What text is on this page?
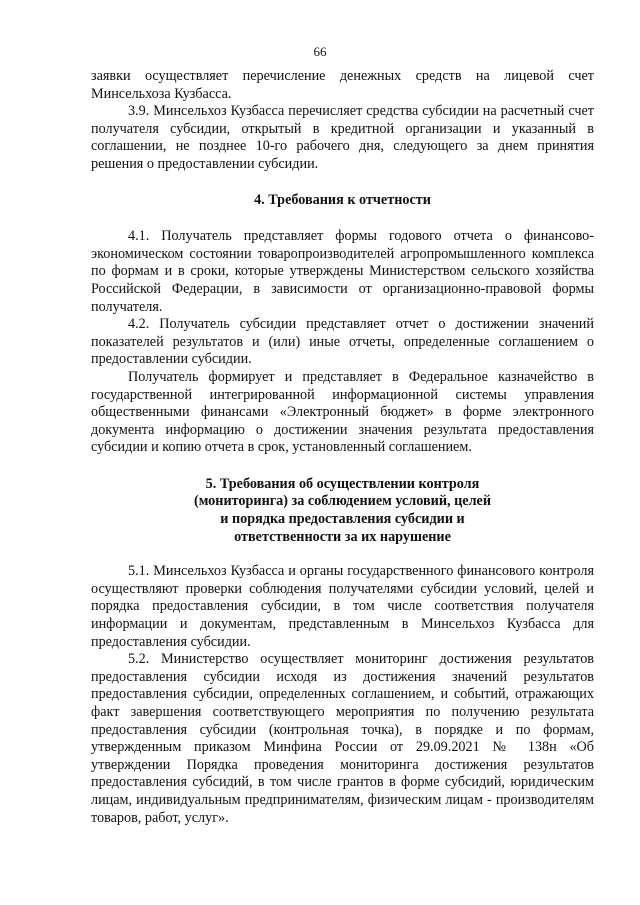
66

заявки осуществляет перечисление денежных средств на лицевой счет Минсельхоза Кузбасса.

3.9. Минсельхоз Кузбасса перечисляет средства субсидии на расчетный счет получателя субсидии, открытый в кредитной организации и указанный в соглашении, не позднее 10-го рабочего дня, следующего за днем принятия решения о предоставлении субсидии.

4. Требования к отчетности

4.1. Получатель представляет формы годового отчета о финансово-экономическом состоянии товаропроизводителей агропромышленного комплекса по формам и в сроки, которые утверждены Министерством сельского хозяйства Российской Федерации, в зависимости от организационно-правовой формы получателя.

4.2. Получатель субсидии представляет отчет о достижении значений показателей результатов и (или) иные отчеты, определенные соглашением о предоставлении субсидии.

Получатель формирует и представляет в Федеральное казначейство в государственной интегрированной информационной системы управления общественными финансами «Электронный бюджет» в форме электронного документа информацию о достижении значения результата предоставления субсидии и копию отчета в срок, установленный соглашением.

5. Требования об осуществлении контроля
(мониторинга) за соблюдением условий, целей
и порядка предоставления субсидии и
ответственности за их нарушение

5.1. Минсельхоз Кузбасса и органы государственного финансового контроля осуществляют проверки соблюдения получателями субсидии условий, целей и порядка предоставления субсидии, в том числе соответствия получателя информации и документам, представленным в Минсельхоз Кузбасса для предоставления субсидии.

5.2. Министерство осуществляет мониторинг достижения результатов предоставления субсидии исходя из достижения значений результатов предоставления субсидии, определенных соглашением, и событий, отражающих факт завершения соответствующего мероприятия по получению результата предоставления субсидии (контрольная точка), в порядке и по формам, утвержденным приказом Минфина России от 29.09.2021 № 138н «Об утверждении Порядка проведения мониторинга достижения результатов предоставления субсидий, в том числе грантов в форме субсидий, юридическим лицам, индивидуальным предпринимателям, физическим лицам - производителям товаров, работ, услуг».
